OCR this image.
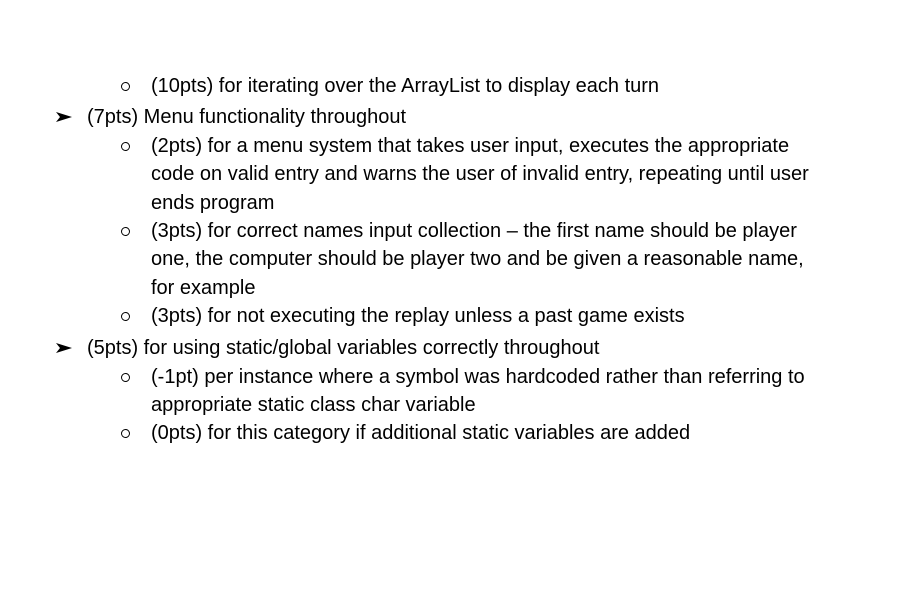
(10pts) for iterating over the ArrayList to display each turn
(7pts) Menu functionality throughout
(2pts) for a menu system that takes user input, executes the appropriate
code on valid entry and warns the user of invalid entry, repeating until user
ends program
(3pts) for correct names input collection – the first name should be player
one, the computer should be player two and be given a reasonable name,
for example
(3pts) for not executing the replay unless a past game exists
(5pts) for using static/global variables correctly throughout
(-1pt) per instance where a symbol was hardcoded rather than referring to
appropriate static class char variable
(0pts) for this category if additional static variables are added
